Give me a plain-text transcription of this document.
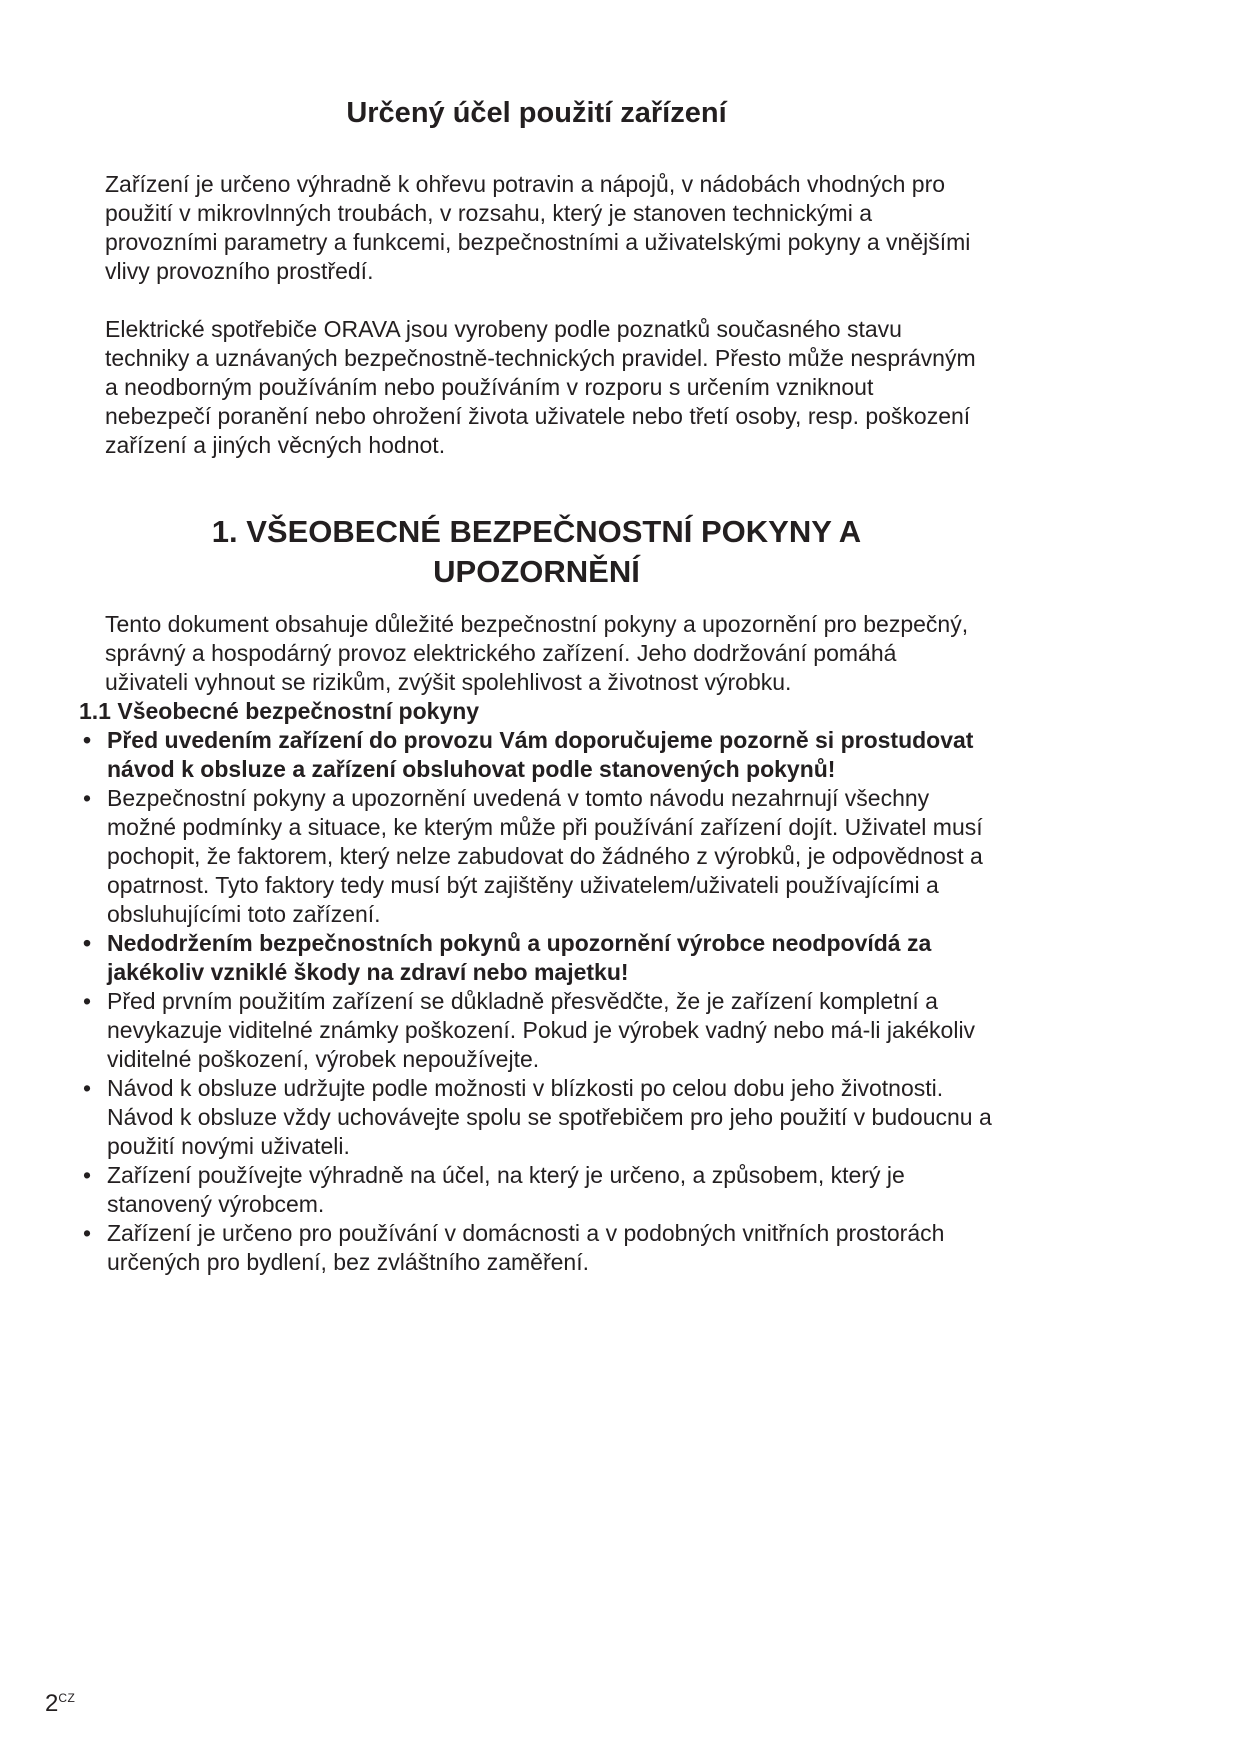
Určený účel použití zařízení

Zařízení je určeno výhradně k ohřevu potravin a nápojů, v nádobách vhodných pro použití v mikrovlnných troubách, v rozsahu, který je stanoven technickými a provozními parametry a funkcemi, bezpečnostními a uživatelskými pokyny a vnějšími vlivy provozního prostředí.

Elektrické spotřebiče ORAVA jsou vyrobeny podle poznatků současného stavu techniky a uznávaných bezpečnostně-technických pravidel. Přesto může nesprávným a neodborným používáním nebo používáním v rozporu s určením vzniknout nebezpečí poranění nebo ohrožení života uživatele nebo třetí osoby, resp. poškození zařízení a jiných věcných hodnot.

1. VŠEOBECNÉ BEZPEČNOSTNÍ POKYNY A UPOZORNĚNÍ

Tento dokument obsahuje důležité bezpečnostní pokyny a upozornění pro bezpečný, správný a hospodárný provoz elektrického zařízení. Jeho dodržování pomáhá uživateli vyhnout se rizikům, zvýšit spolehlivost a životnost výrobku.

1.1 Všeobecné bezpečnostní pokyny
• Před uvedením zařízení do provozu Vám doporučujeme pozorně si prostudovat návod k obsluze a zařízení obsluhovat podle stanovených pokynů!
• Bezpečnostní pokyny a upozornění uvedená v tomto návodu nezahrnují všechny možné podmínky a situace, ke kterým může při používání zařízení dojít. Uživatel musí pochopit, že faktorem, který nelze zabudovat do žádného z výrobků, je odpovědnost a opatrnost. Tyto faktory tedy musí být zajištěny uživatelem/uživateli používajícími a obsluhujícími toto zařízení.
• Nedodržením bezpečnostních pokynů a upozornění výrobce neodpovídá za jakékoliv vzniklé škody na zdraví nebo majetku!
• Před prvním použitím zařízení se důkladně přesvědčte, že je zařízení kompletní a nevykazuje viditelné známky poškození. Pokud je výrobek vadný nebo má-li jakékoliv viditelné poškození, výrobek nepoužívejte.
• Návod k obsluze udržujte podle možnosti v blízkosti po celou dobu jeho životnosti. Návod k obsluze vždy uchovávejte spolu se spotřebičem pro jeho použití v budoucnu a použití novými uživateli.
• Zařízení používejte výhradně na účel, na který je určeno, a způsobem, který je stanovený výrobcem.
• Zařízení je určeno pro používání v domácnosti a v podobných vnitřních prostorách určených pro bydlení, bez zvláštního zaměření.
$2^{CZ}$
